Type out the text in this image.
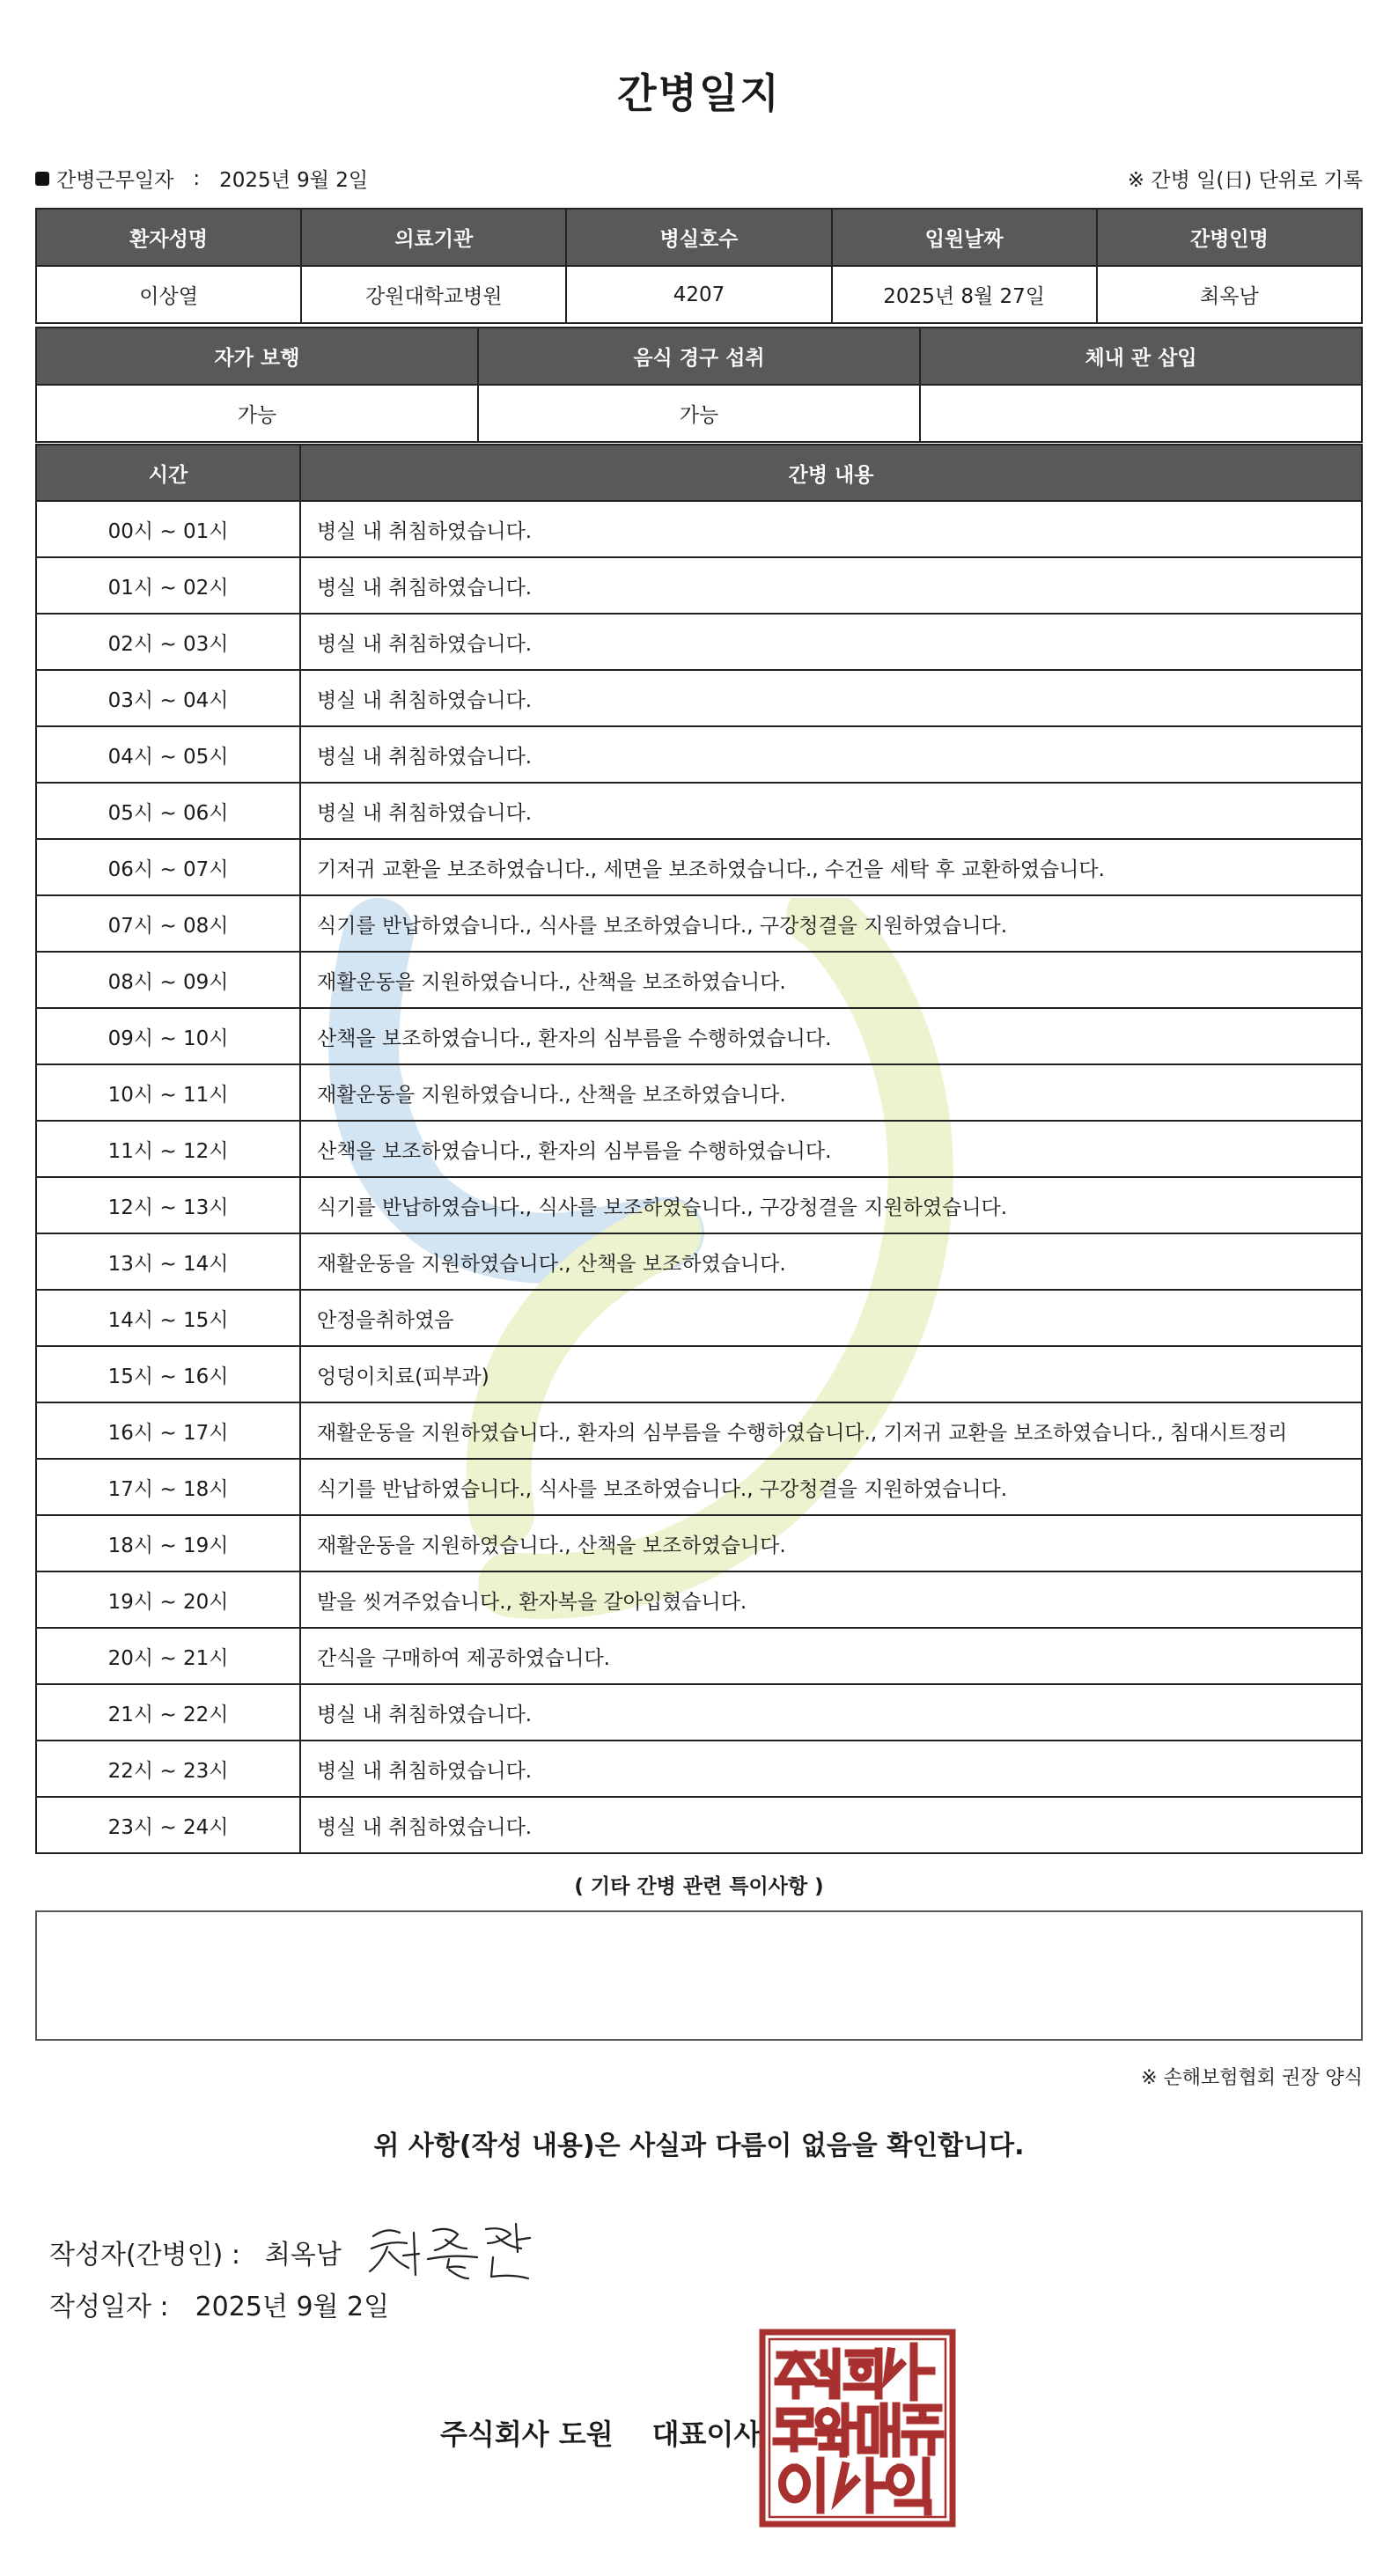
간병일지
간병근무일자 : 2025년 9월 2일	※ 간병 일(日) 단위로 기록
환자성명	의료기관	병실호수	입원날짜	간병인명
이상열	강원대학교병원	4207	2025년 8월 27일	최옥남
자가 보행	음식 경구 섭취	체내 관 삽입
가능	가능	
시간	간병 내용
00시 ~ 01시	병실 내 취침하였습니다.
01시 ~ 02시	병실 내 취침하였습니다.
02시 ~ 03시	병실 내 취침하였습니다.
03시 ~ 04시	병실 내 취침하였습니다.
04시 ~ 05시	병실 내 취침하였습니다.
05시 ~ 06시	병실 내 취침하였습니다.
06시 ~ 07시	기저귀 교환을 보조하였습니다., 세면을 보조하였습니다., 수건을 세탁 후 교환하였습니다.
07시 ~ 08시	식기를 반납하였습니다., 식사를 보조하였습니다., 구강청결을 지원하였습니다.
08시 ~ 09시	재활운동을 지원하였습니다., 산책을 보조하였습니다.
09시 ~ 10시	산책을 보조하였습니다., 환자의 심부름을 수행하였습니다.
10시 ~ 11시	재활운동을 지원하였습니다., 산책을 보조하였습니다.
11시 ~ 12시	산책을 보조하였습니다., 환자의 심부름을 수행하였습니다.
12시 ~ 13시	식기를 반납하였습니다., 식사를 보조하였습니다., 구강청결을 지원하였습니다.
13시 ~ 14시	재활운동을 지원하였습니다., 산책을 보조하였습니다.
14시 ~ 15시	안정을취하였음
15시 ~ 16시	엉덩이치료(피부과)
16시 ~ 17시	재활운동을 지원하였습니다., 환자의 심부름을 수행하였습니다., 기저귀 교환을 보조하였습니다., 침대시트정리
17시 ~ 18시	식기를 반납하였습니다., 식사를 보조하였습니다., 구강청결을 지원하였습니다.
18시 ~ 19시	재활운동을 지원하였습니다., 산책을 보조하였습니다.
19시 ~ 20시	발을 씻겨주었습니다., 환자복을 갈아입혔습니다.
20시 ~ 21시	간식을 구매하여 제공하였습니다.
21시 ~ 22시	병실 내 취침하였습니다.
22시 ~ 23시	병실 내 취침하였습니다.
23시 ~ 24시	병실 내 취침하였습니다.
( 기타 간병 관련 특이사항 )
※ 손해보험협회 권장 양식
위 사항(작성 내용)은 사실과 다름이 없음을 확인합니다.
작성자(간병인) : 최옥남
작성일자 : 2025년 9월 2일
주식회사 도원 대표이사
